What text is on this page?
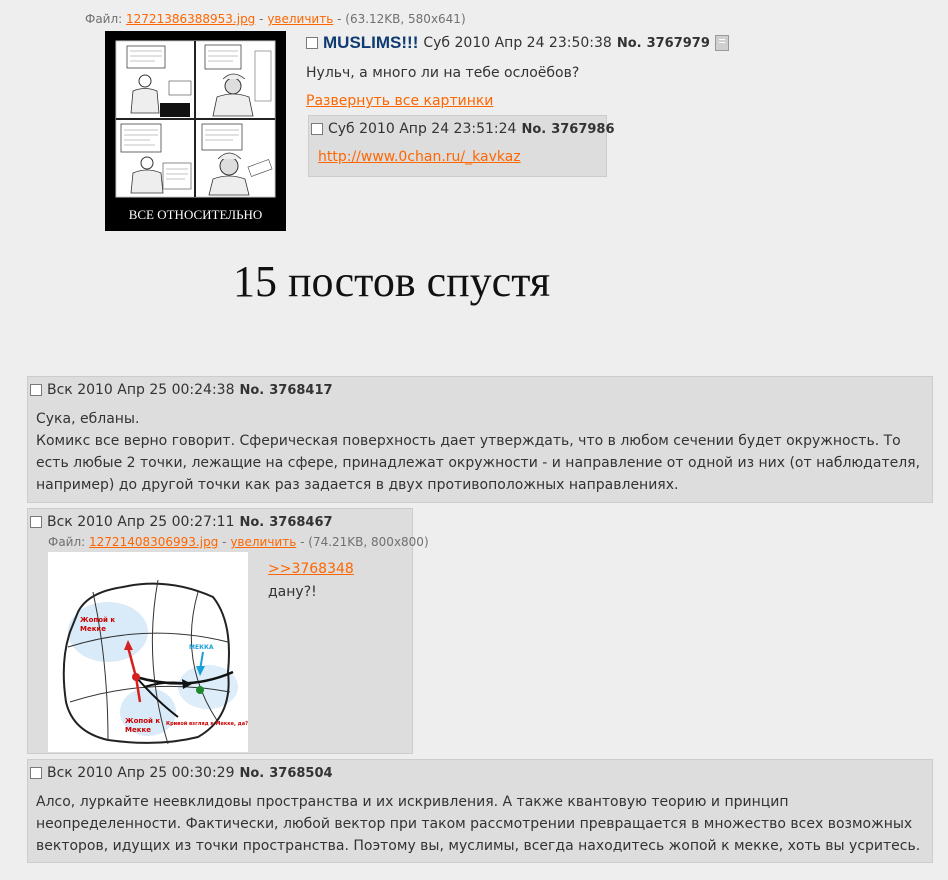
Файл: 12721386388953.jpg - увеличить - (63.12KB, 580x641)
ВСЕ ОТНОСИТЕЛЬНО
MUSLIMS!!! Суб 2010 Апр 24 23:50:38 No. 3767979
Нульч, а много ли на тебе ослоёбов?
Развернуть все картинки
Суб 2010 Апр 24 23:51:24 No. 3767986
http://www.0chan.ru/_kavkaz
15 постов спустя
Вск 2010 Апр 25 00:24:38 No. 3768417
Сука, ебланы.
Комикс все верно говорит. Сферическая поверхность дает утверждать, что в любом сечении будет окружность. То
есть любые 2 точки, лежащие на сфере, принадлежат окружности - и направление от одной из них (от наблюдателя,
например) до другой точки как раз задается в двух противоположных направлениях.
Вск 2010 Апр 25 00:27:11 No. 3768467
Файл: 12721408306993.jpg - увеличить - (74.21KB, 800x800)
Жопой к Мекке
МЕККА
Жопой к Мекке
Кривой взгляд к Мекке, да?
>>3768348
дану?!
Вск 2010 Апр 25 00:30:29 No. 3768504
Алсо, луркайте неевклидовы пространства и их искривления. А также квантовую теорию и принцип
неопределенности. Фактически, любой вектор при таком рассмотрении превращается в множество всех возможных
векторов, идущих из точки пространства. Поэтому вы, муслимы, всегда находитесь жопой к мекке, хоть вы усритесь.
